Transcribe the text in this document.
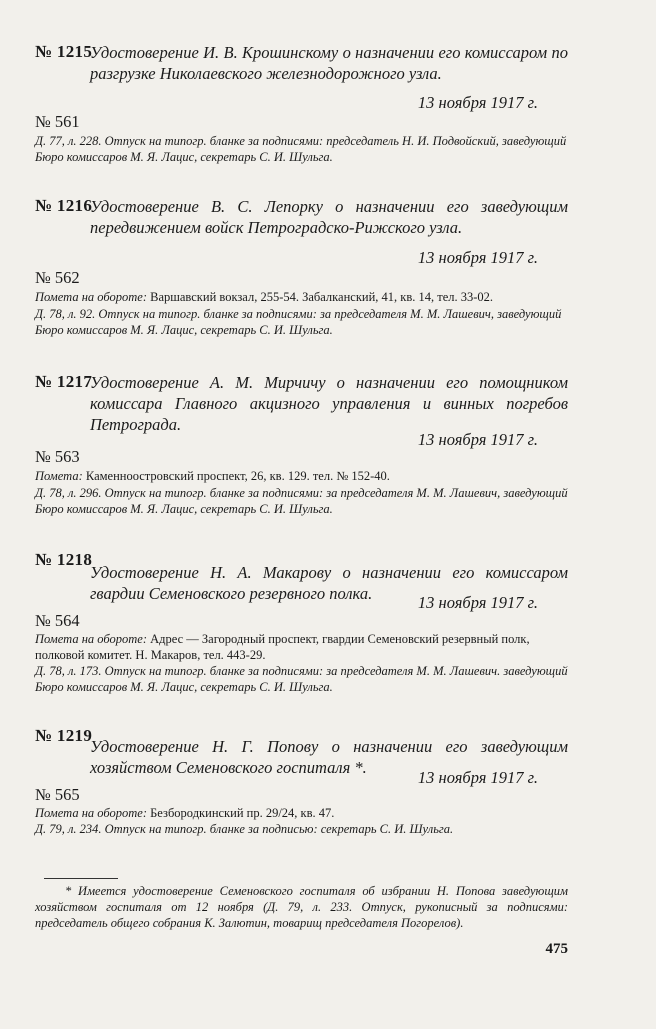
№ 1215

Удостоверение И. В. Крошинскому о назначении его комиссаром по разгрузке Николаевского железнодорожного узла.

13 ноября 1917 г.
№ 561

Д. 77, л. 228. Отпуск на типогр. бланке за подписями: председатель Н. И. Подвойский, заведующий Бюро комиссаров М. Я. Лацис, секретарь С. И. Шульга.

№ 1216

Удостоверение В. С. Лепорку о назначении его заведующим передвижением войск Петроградско-Рижского узла.

13 ноября 1917 г.
№ 562

Помета на обороте: Варшавский вокзал, 255-54. Забалканский, 41, кв. 14, тел. 33-02.

Д. 78, л. 92. Отпуск на типогр. бланке за подписями: за председателя М. М. Лашевич, заведующий Бюро комиссаров М. Я. Лацис, секретарь С. И. Шульга.

№ 1217

Удостоверение А. М. Мирчичу о назначении его помощником комиссара Главного акцизного управления и винных погребов Петрограда.

13 ноября 1917 г.
№ 563

Помета: Каменноостровский проспект, 26, кв. 129. тел. № 152-40.

Д. 78, л. 296. Отпуск на типогр. бланке за подписями: за председателя М. М. Лашевич, заведующий Бюро комиссаров М. Я. Лацис, секретарь С. И. Шульга.

№ 1218

Удостоверение Н. А. Макарову о назначении его комиссаром гвардии Семеновского резервного полка.	13 ноября 1917 г.
№ 564

Помета на обороте: Адрес — Загородный проспект, гвардии Семеновский резервный полк, полковой комитет. Н. Макаров, тел. 443-29.

Д. 78, л. 173. Отпуск на типогр. бланке за подписями: за председателя М. М. Лашевич. заведующий Бюро комиссаров М. Я. Лацис, секретарь С. И. Шульга.

№ 1219

Удостоверение Н. Г. Попову о назначении его заведующим хозяйством Семеновского госпиталя *.

13 ноября 1917 г.
№ 565

Помета на обороте: Безбородкинский пр. 29/24, кв. 47.

Д. 79, л. 234. Отпуск на типогр. бланке за подписью: секретарь С. И. Шульга.

* Имеется удостоверение Семеновского госпиталя об избрании Н. Попова заведующим хозяйством госпиталя от 12 ноября (Д. 79, л. 233. Отпуск, рукописный за подписями: председатель общего собрания К. Залютин, товарищ председателя Погорелов).

475
